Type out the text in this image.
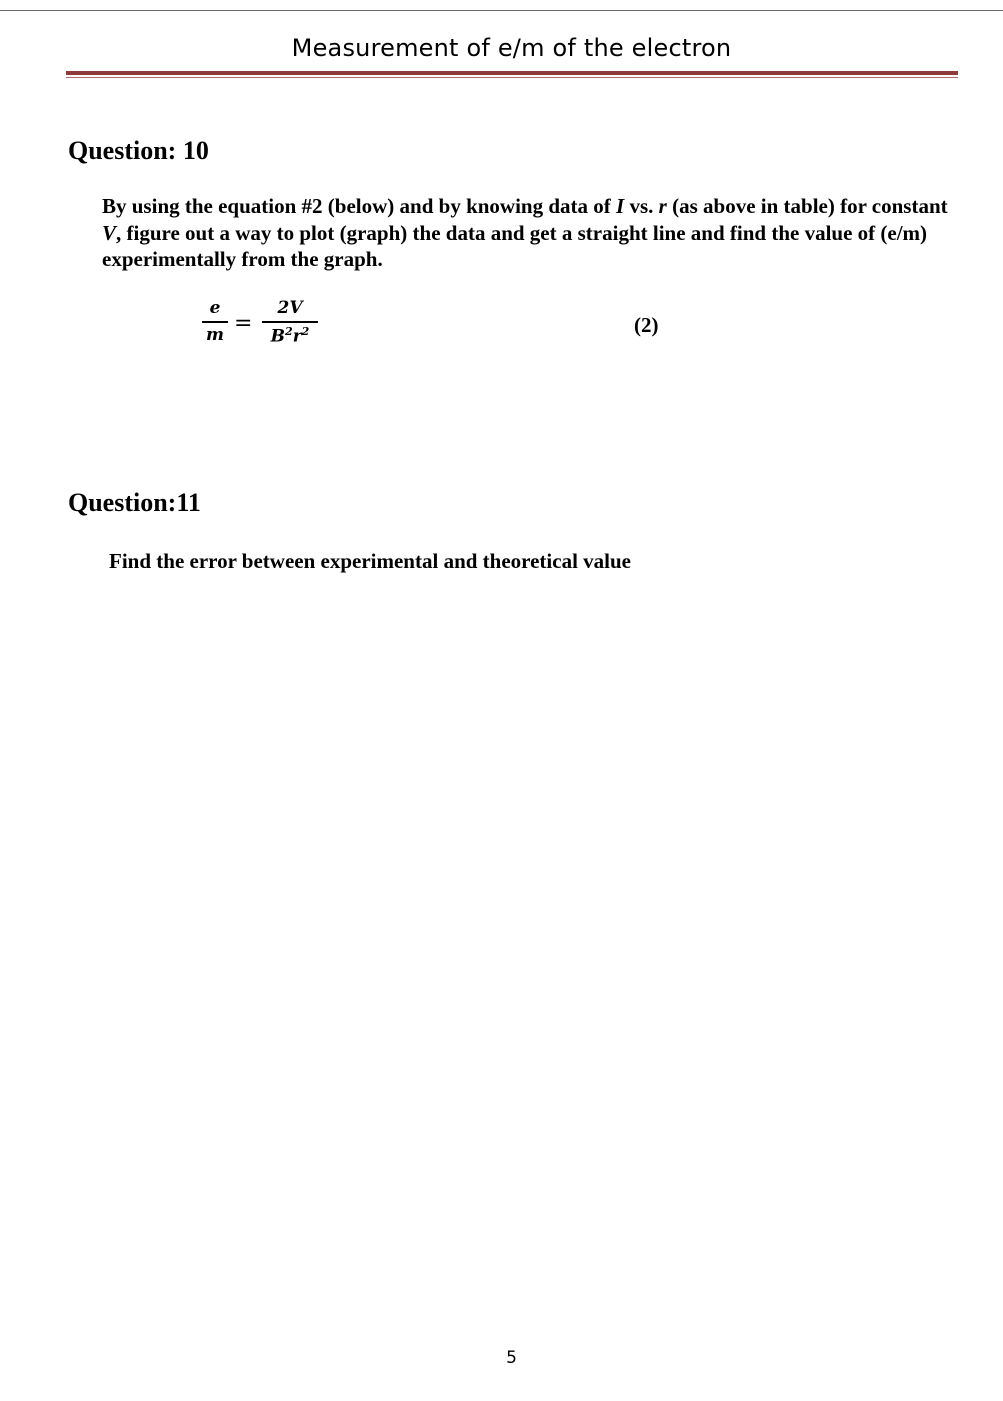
Measurement of e/m of the electron
Question: 10
By using the equation #2 (below) and by knowing data of I vs. r (as above in table) for constant V, figure out a way to plot (graph) the data and get a straight line and find the value of (e/m) experimentally from the graph.
e
m =
2V
$B^2r^2$	(2)
Question:11
Find the error between experimental and theoretical value
5
